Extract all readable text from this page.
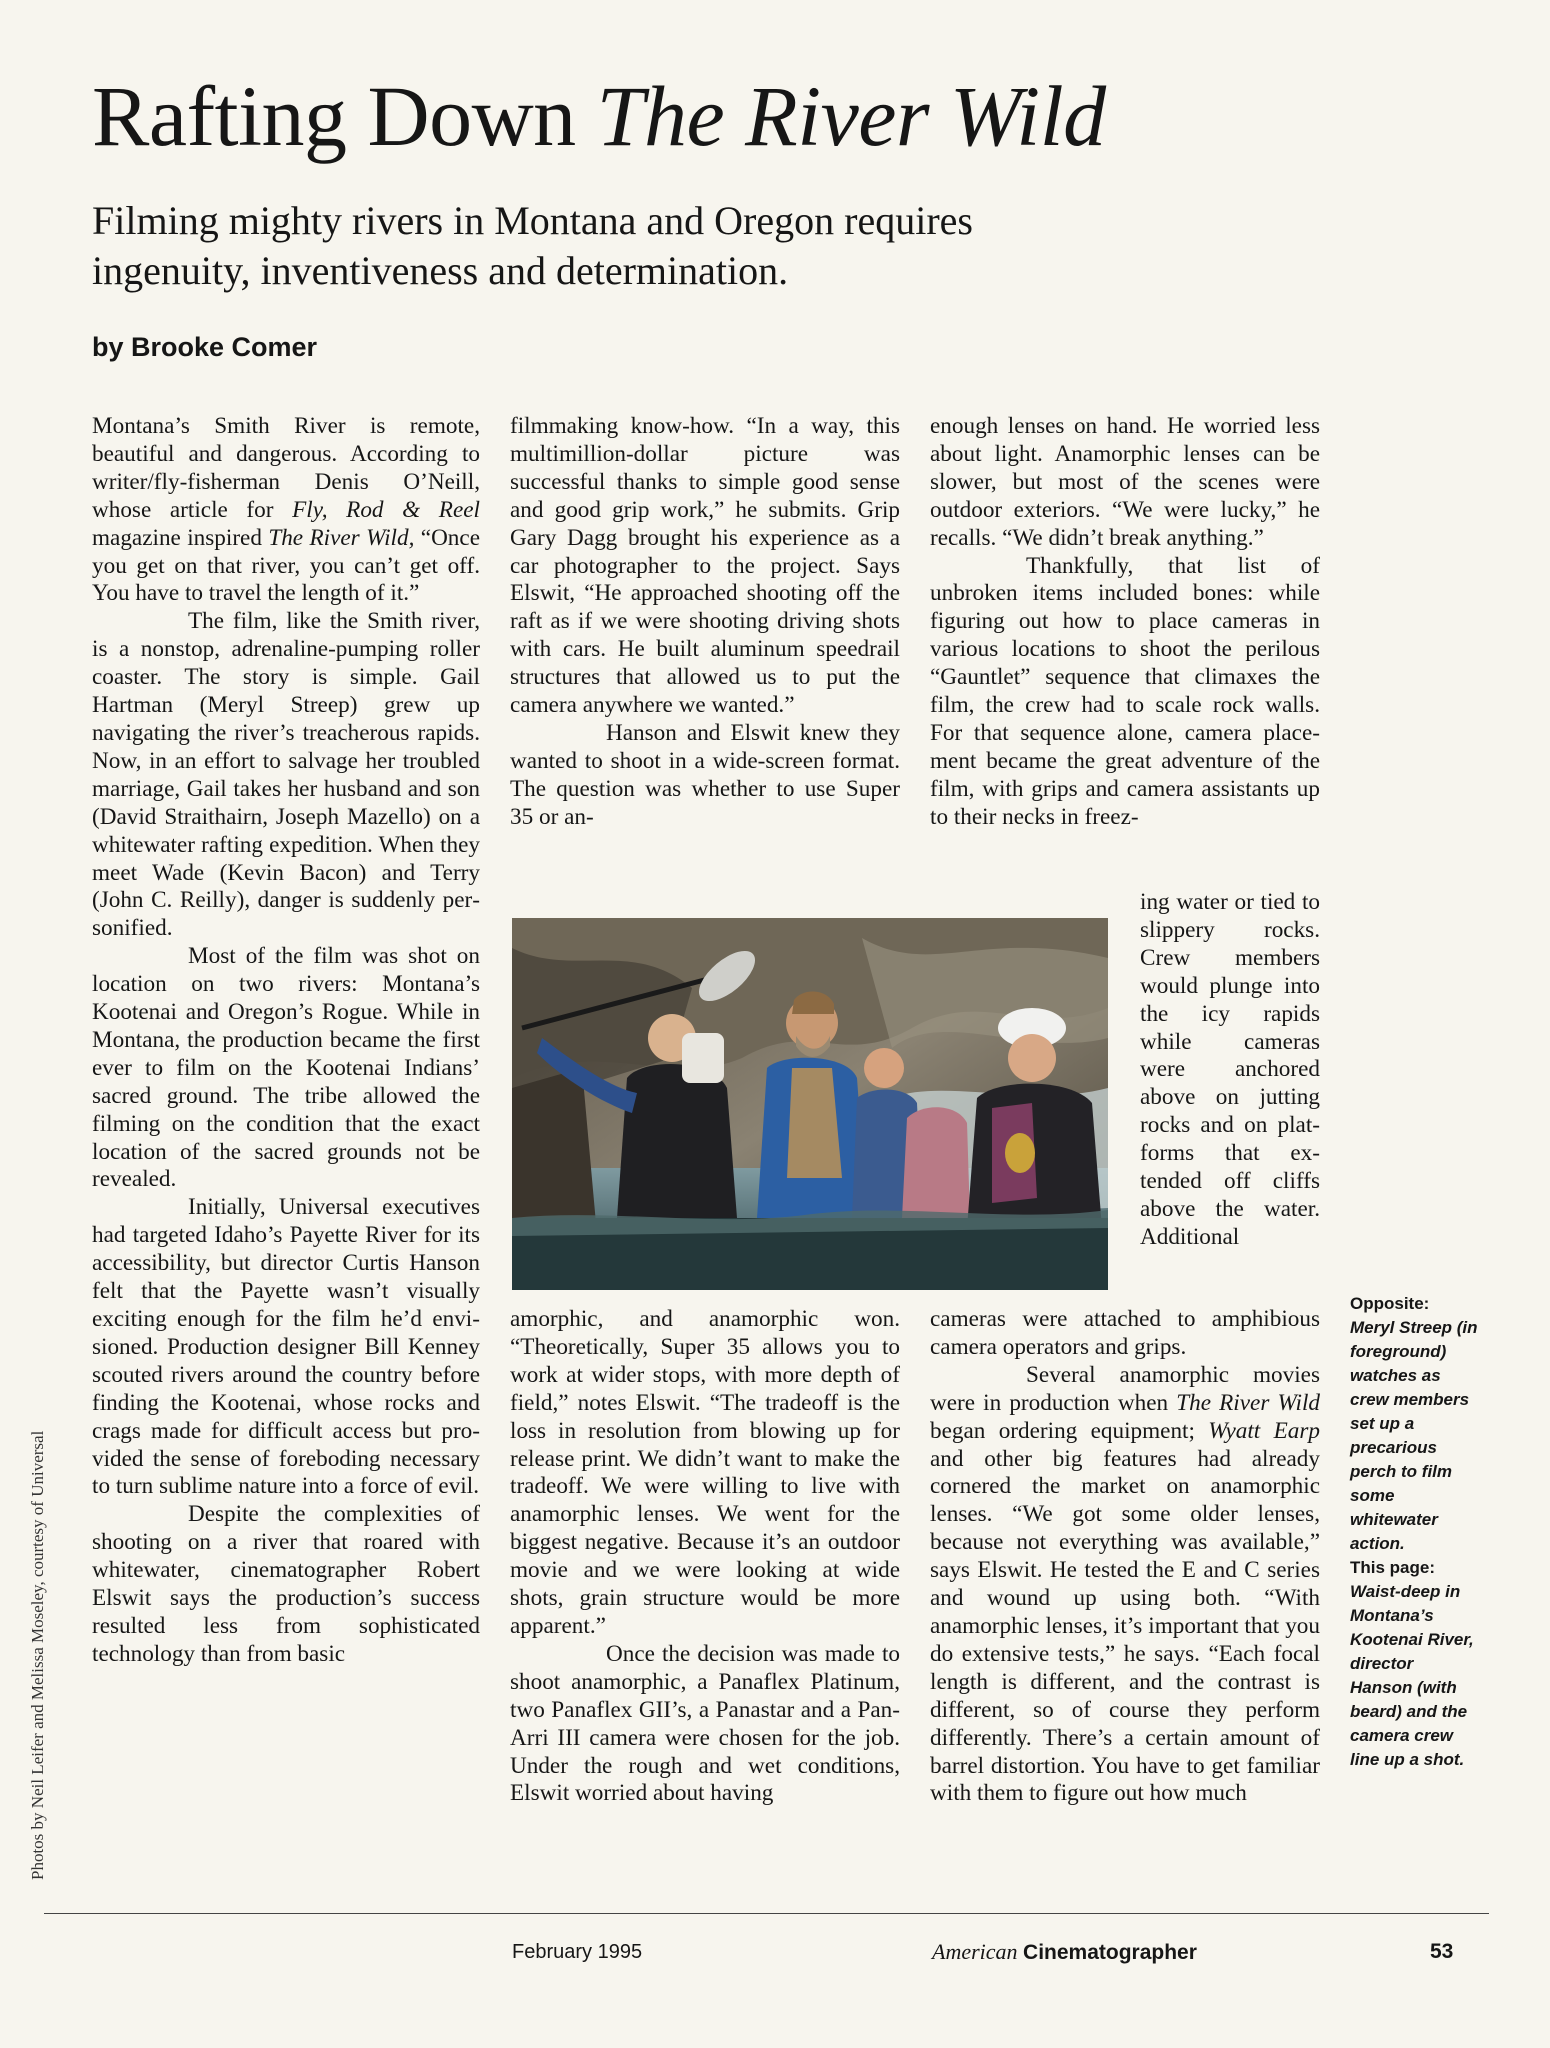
Rafting Down The River Wild
Filming mighty rivers in Montana and Oregon requires
ingenuity, inventiveness and determination.
by Brooke Comer

Montana’s Smith River is remote, beautiful and dangerous. According to writer/fly-fisherman Denis O’Neill, whose article for Fly, Rod & Reel magazine inspired The River Wild, “Once you get on that river, you can’t get off. You have to travel the length of it.”

The film, like the Smith river, is a nonstop, adrenaline-pumping roller coaster. The story is simple. Gail Hartman (Meryl Streep) grew up navigating the river’s treacherous rapids. Now, in an effort to salvage her troubled marriage, Gail takes her husband and son (David Straithairn, Joseph Mazello) on a whitewater rafting expedition. When they meet Wade (Kevin Bacon) and Terry (John C. Reilly), danger is suddenly personified.

Most of the film was shot on location on two rivers: Montana’s Kootenai and Oregon’s Rogue. While in Montana, the production became the first ever to film on the Kootenai Indians’ sacred ground. The tribe allowed the filming on the condition that the exact location of the sacred grounds not be revealed.

Initially, Universal executives had targeted Idaho’s Payette River for its accessibility, but director Curtis Hanson felt that the Payette wasn’t visually exciting enough for the film he’d envisioned. Production designer Bill Kenney scouted rivers around the country before finding the Kootenai, whose rocks and crags made for difficult access but provided the sense of foreboding necessary to turn sublime nature into a force of evil.

Despite the complexities of shooting on a river that roared with whitewater, cinematographer Robert Elswit says the production’s success resulted less from sophisticated technology than from basic

filmmaking know-how. “In a way, this multimillion-dollar picture was successful thanks to simple good sense and good grip work,” he submits. Grip Gary Dagg brought his experience as a car photographer to the project. Says Elswit, “He approached shooting off the raft as if we were shooting driving shots with cars. He built aluminum speedrail structures that allowed us to put the camera anywhere we wanted.”

Hanson and Elswit knew they wanted to shoot in a wide-screen format. The question was whether to use Super 35 or an-

amorphic, and anamorphic won. “Theoretically, Super 35 allows you to work at wider stops, with more depth of field,” notes Elswit. “The tradeoff is the loss in resolution from blowing up for release print. We didn’t want to make the tradeoff. We were willing to live with anamorphic lenses. We went for the biggest negative. Because it’s an outdoor movie and we were looking at wide shots, grain structure would be more apparent.”

Once the decision was made to shoot anamorphic, a Panaflex Platinum, two Panaflex GII’s, a Panastar and a Pan-Arri III camera were chosen for the job. Under the rough and wet conditions, Elswit worried about having

enough lenses on hand. He worried less about light. Anamorphic lenses can be slower, but most of the scenes were outdoor exteriors. “We were lucky,” he recalls. “We didn’t break anything.”

Thankfully, that list of unbroken items included bones: while figuring out how to place cameras in various locations to shoot the perilous “Gauntlet” sequence that climaxes the film, the crew had to scale rock walls. For that sequence alone, camera placement became the great adventure of the film, with grips and camera assistants up to their necks in freez-

ing water or tied to slippery rocks. Crew members would plunge into the icy rapids while cameras were anchored above on jutting rocks and on platforms that extended off cliffs above the water. Additional

cameras were attached to amphibious camera operators and grips.

Several anamorphic movies were in production when The River Wild began ordering equipment; Wyatt Earp and other big features had already cornered the market on anamorphic lenses. “We got some older lenses, because not everything was available,” says Elswit. He tested the E and C series and wound up using both. “With anamorphic lenses, it’s important that you do extensive tests,” he says. “Each focal length is different, and the contrast is different, so of course they perform differently. There’s a certain amount of barrel distortion. You have to get familiar with them to figure out how much

Opposite:
Meryl Streep (in foreground) watches as crew members set up a precarious perch to film some whitewater action.
This page:
Waist-deep in Montana’s Kootenai River, director Hanson (with beard) and the camera crew line up a shot.
Photos by Neil Leifer and Melissa Moseley, courtesy of Universal
February 1995	American Cinematographer	53
